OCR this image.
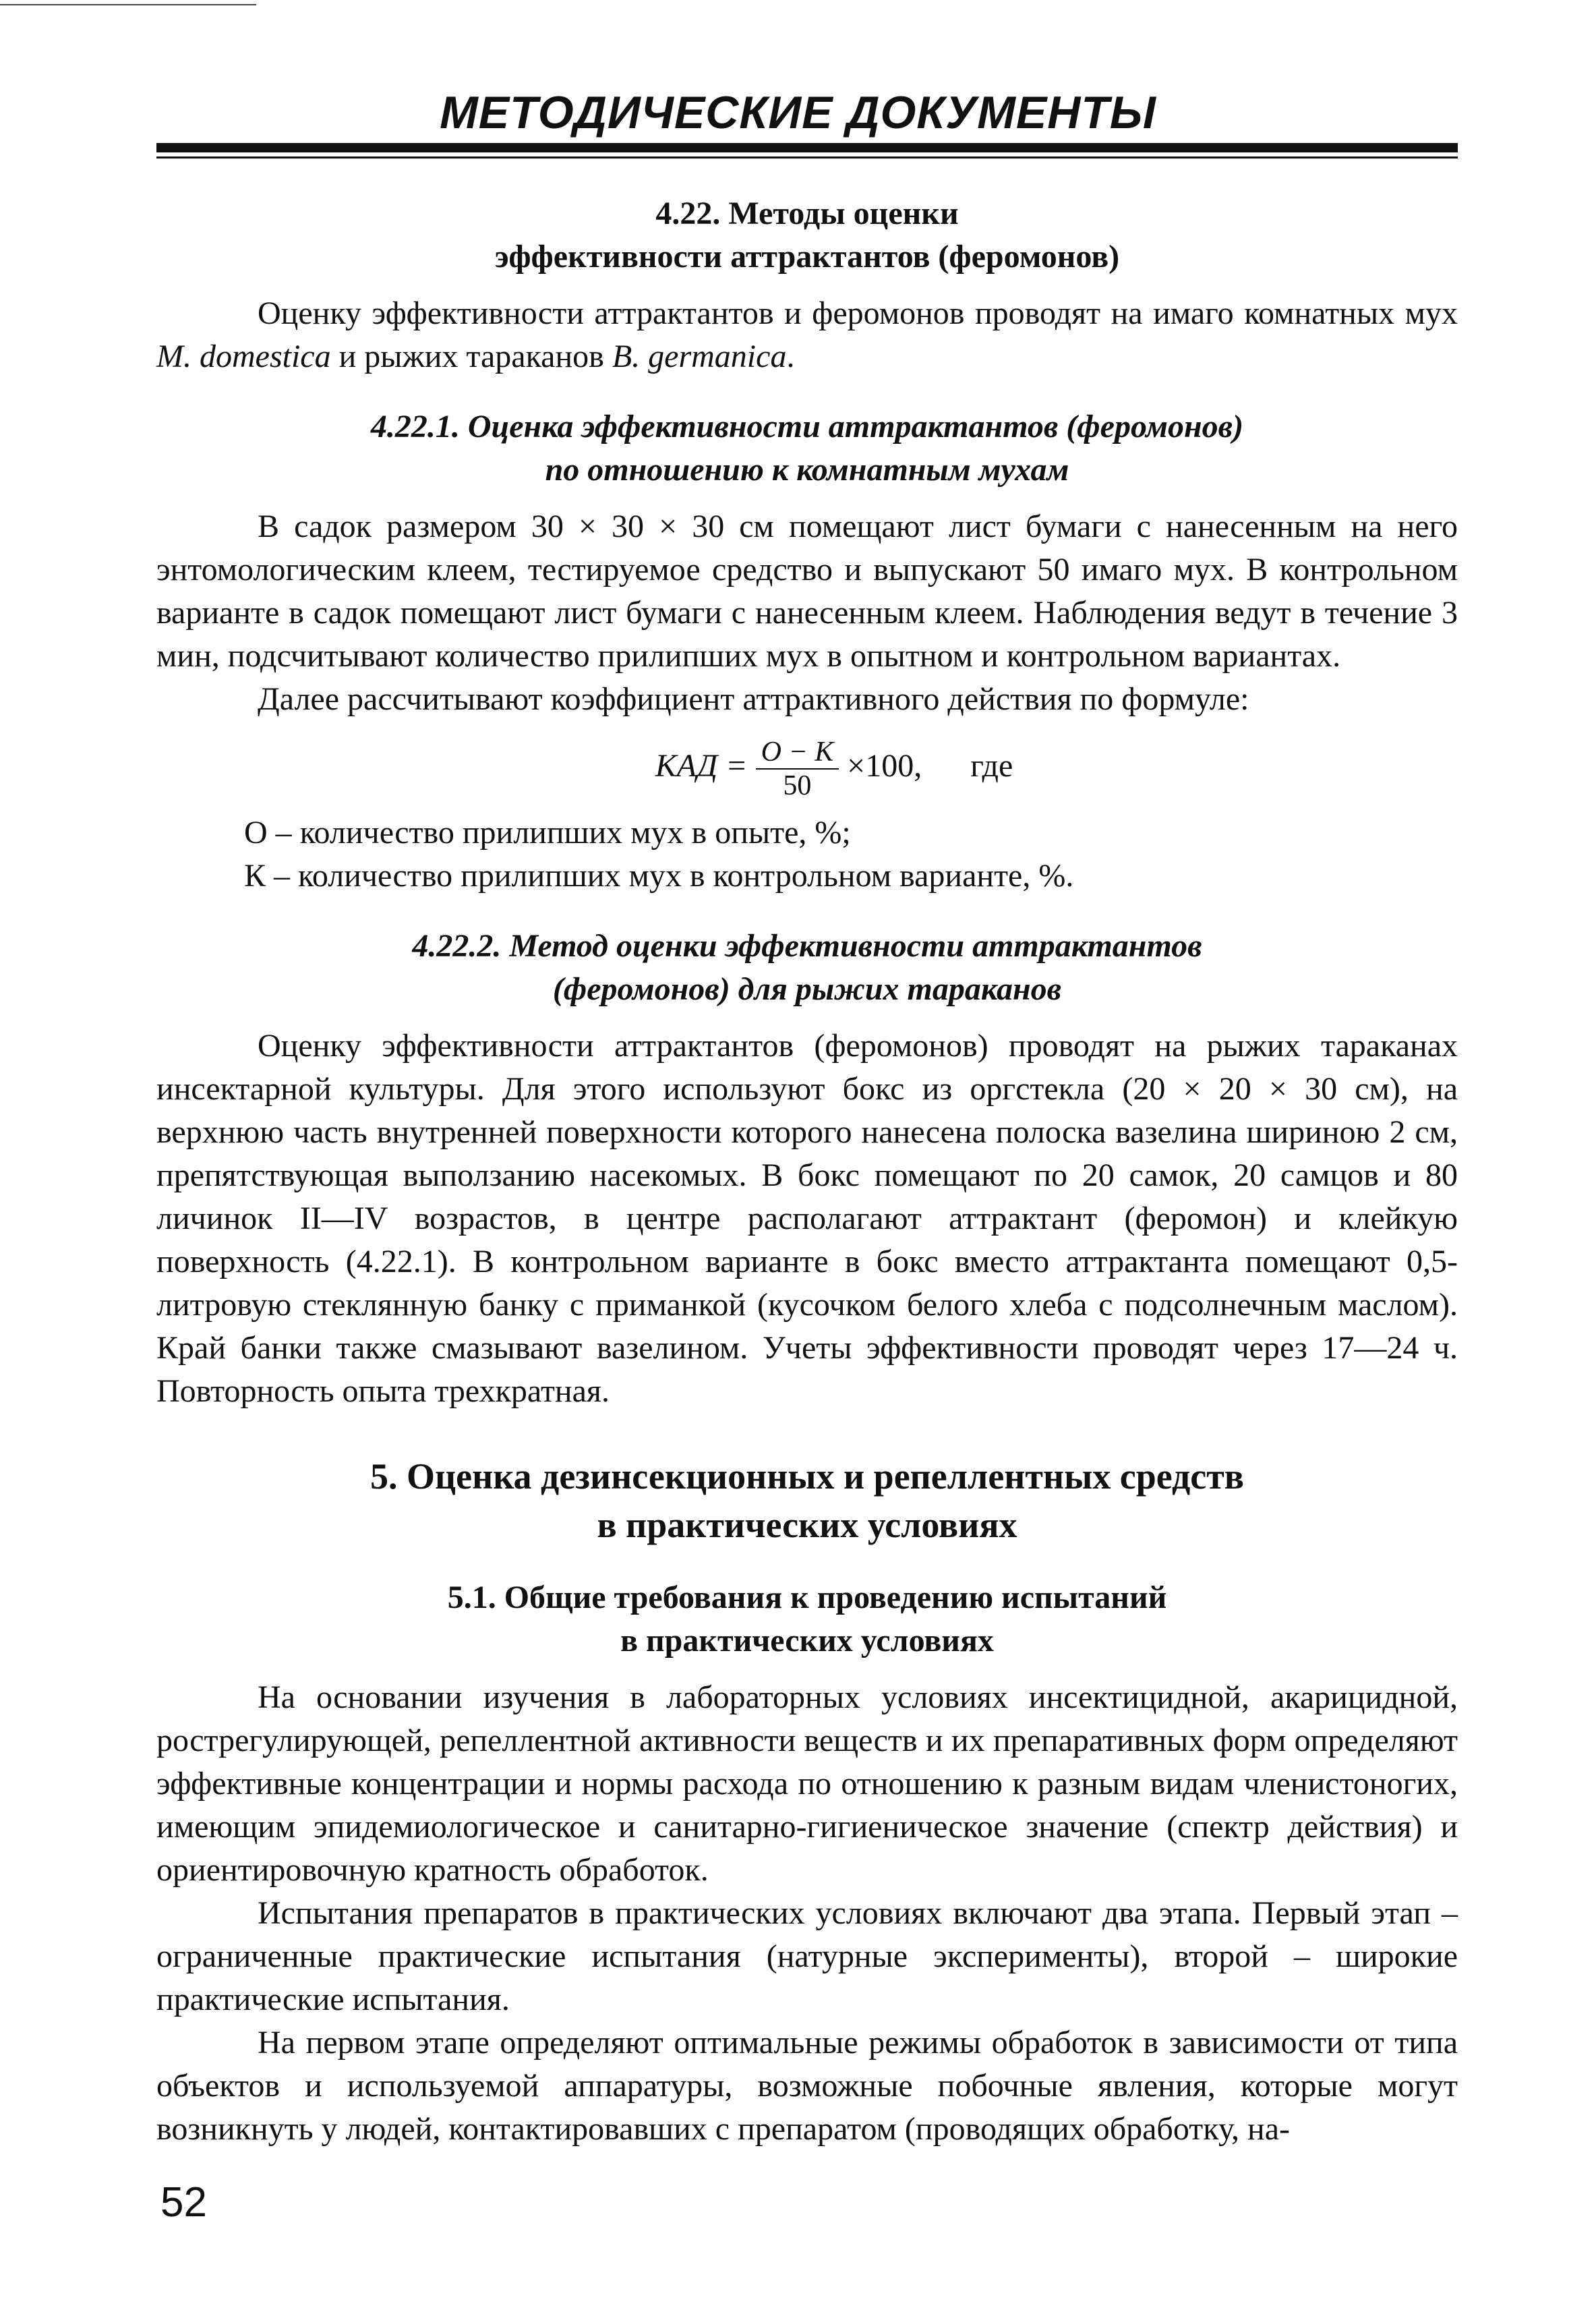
МЕТОДИЧЕСКИЕ ДОКУМЕНТЫ

4.22. Методы оценки

эффективности аттрактантов (феромонов)

Оценку эффективности аттрактантов и феромонов проводят на имаго комнатных мух M. domestica и рыжих тараканов B. germanica.

4.22.1. Оценка эффективности аттрактантов (феромонов)

по отношению к комнатным мухам

В садок размером 30 × 30 × 30 см помещают лист бумаги с нанесенным на него энтомологическим клеем, тестируемое средство и выпускают 50 имаго мух. В контрольном варианте в садок помещают лист бумаги с нанесенным клеем. Наблюдения ведут в течение 3 мин, подсчитывают количество прилипших мух в опытном и контрольном вариантах.

Далее рассчитывают коэффициент аттрактивного действия по формуле:

КАД = $\frac{О - К}{50} \times 100$, где

О – количество прилипших мух в опыте, %;

К – количество прилипших мух в контрольном варианте, %.

4.22.2. Метод оценки эффективности аттрактантов

(феромонов) для рыжих тараканов

Оценку эффективности аттрактантов (феромонов) проводят на рыжих тараканах инсектарной культуры. Для этого используют бокс из оргстекла (20 × 20 × 30 см), на верхнюю часть внутренней поверхности которого нанесена полоска вазелина шириною 2 см, препятствующая выползанию насекомых. В бокс помещают по 20 самок, 20 самцов и 80 личинок II—IV возрастов, в центре располагают аттрактант (феромон) и клейкую поверхность (4.22.1). В контрольном варианте в бокс вместо аттрактанта помещают 0,5-литровую стеклянную банку с приманкой (кусочком белого хлеба с подсолнечным маслом). Край банки также смазывают вазелином. Учеты эффективности проводят через 17—24 ч. Повторность опыта трехкратная.

5. Оценка дезинсекционных и репеллентных средств

в практических условиях

5.1. Общие требования к проведению испытаний

в практических условиях

На основании изучения в лабораторных условиях инсектицидной, акарицидной, рострегулирующей, репеллентной активности веществ и их препаративных форм определяют эффективные концентрации и нормы расхода по отношению к разным видам членистоногих, имеющим эпидемиологическое и санитарно-гигиеническое значение (спектр действия) и ориентировочную кратность обработок.

Испытания препаратов в практических условиях включают два этапа. Первый этап – ограниченные практические испытания (натурные эксперименты), второй – широкие практические испытания.

На первом этапе определяют оптимальные режимы обработок в зависимости от типа объектов и используемой аппаратуры, возможные побочные явления, которые могут возникнуть у людей, контактировавших с препаратом (проводящих обработку, на-

52
